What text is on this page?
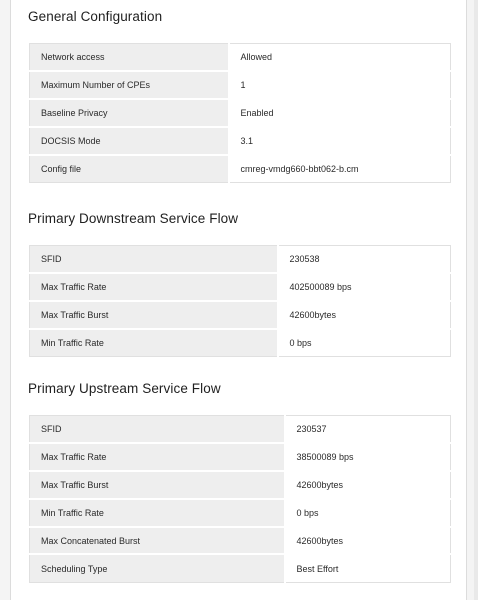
General Configuration
Network access	Allowed
Maximum Number of CPEs	1
Baseline Privacy	Enabled
DOCSIS Mode	3.1
Config file	cmreg-vmdg660-bbt062-b.cm
Primary Downstream Service Flow
SFID	230538
Max Traffic Rate	402500089 bps
Max Traffic Burst	42600bytes
Min Traffic Rate	0 bps
Primary Upstream Service Flow
SFID	230537
Max Traffic Rate	38500089 bps
Max Traffic Burst	42600bytes
Min Traffic Rate	0 bps
Max Concatenated Burst	42600bytes
Scheduling Type	Best Effort
